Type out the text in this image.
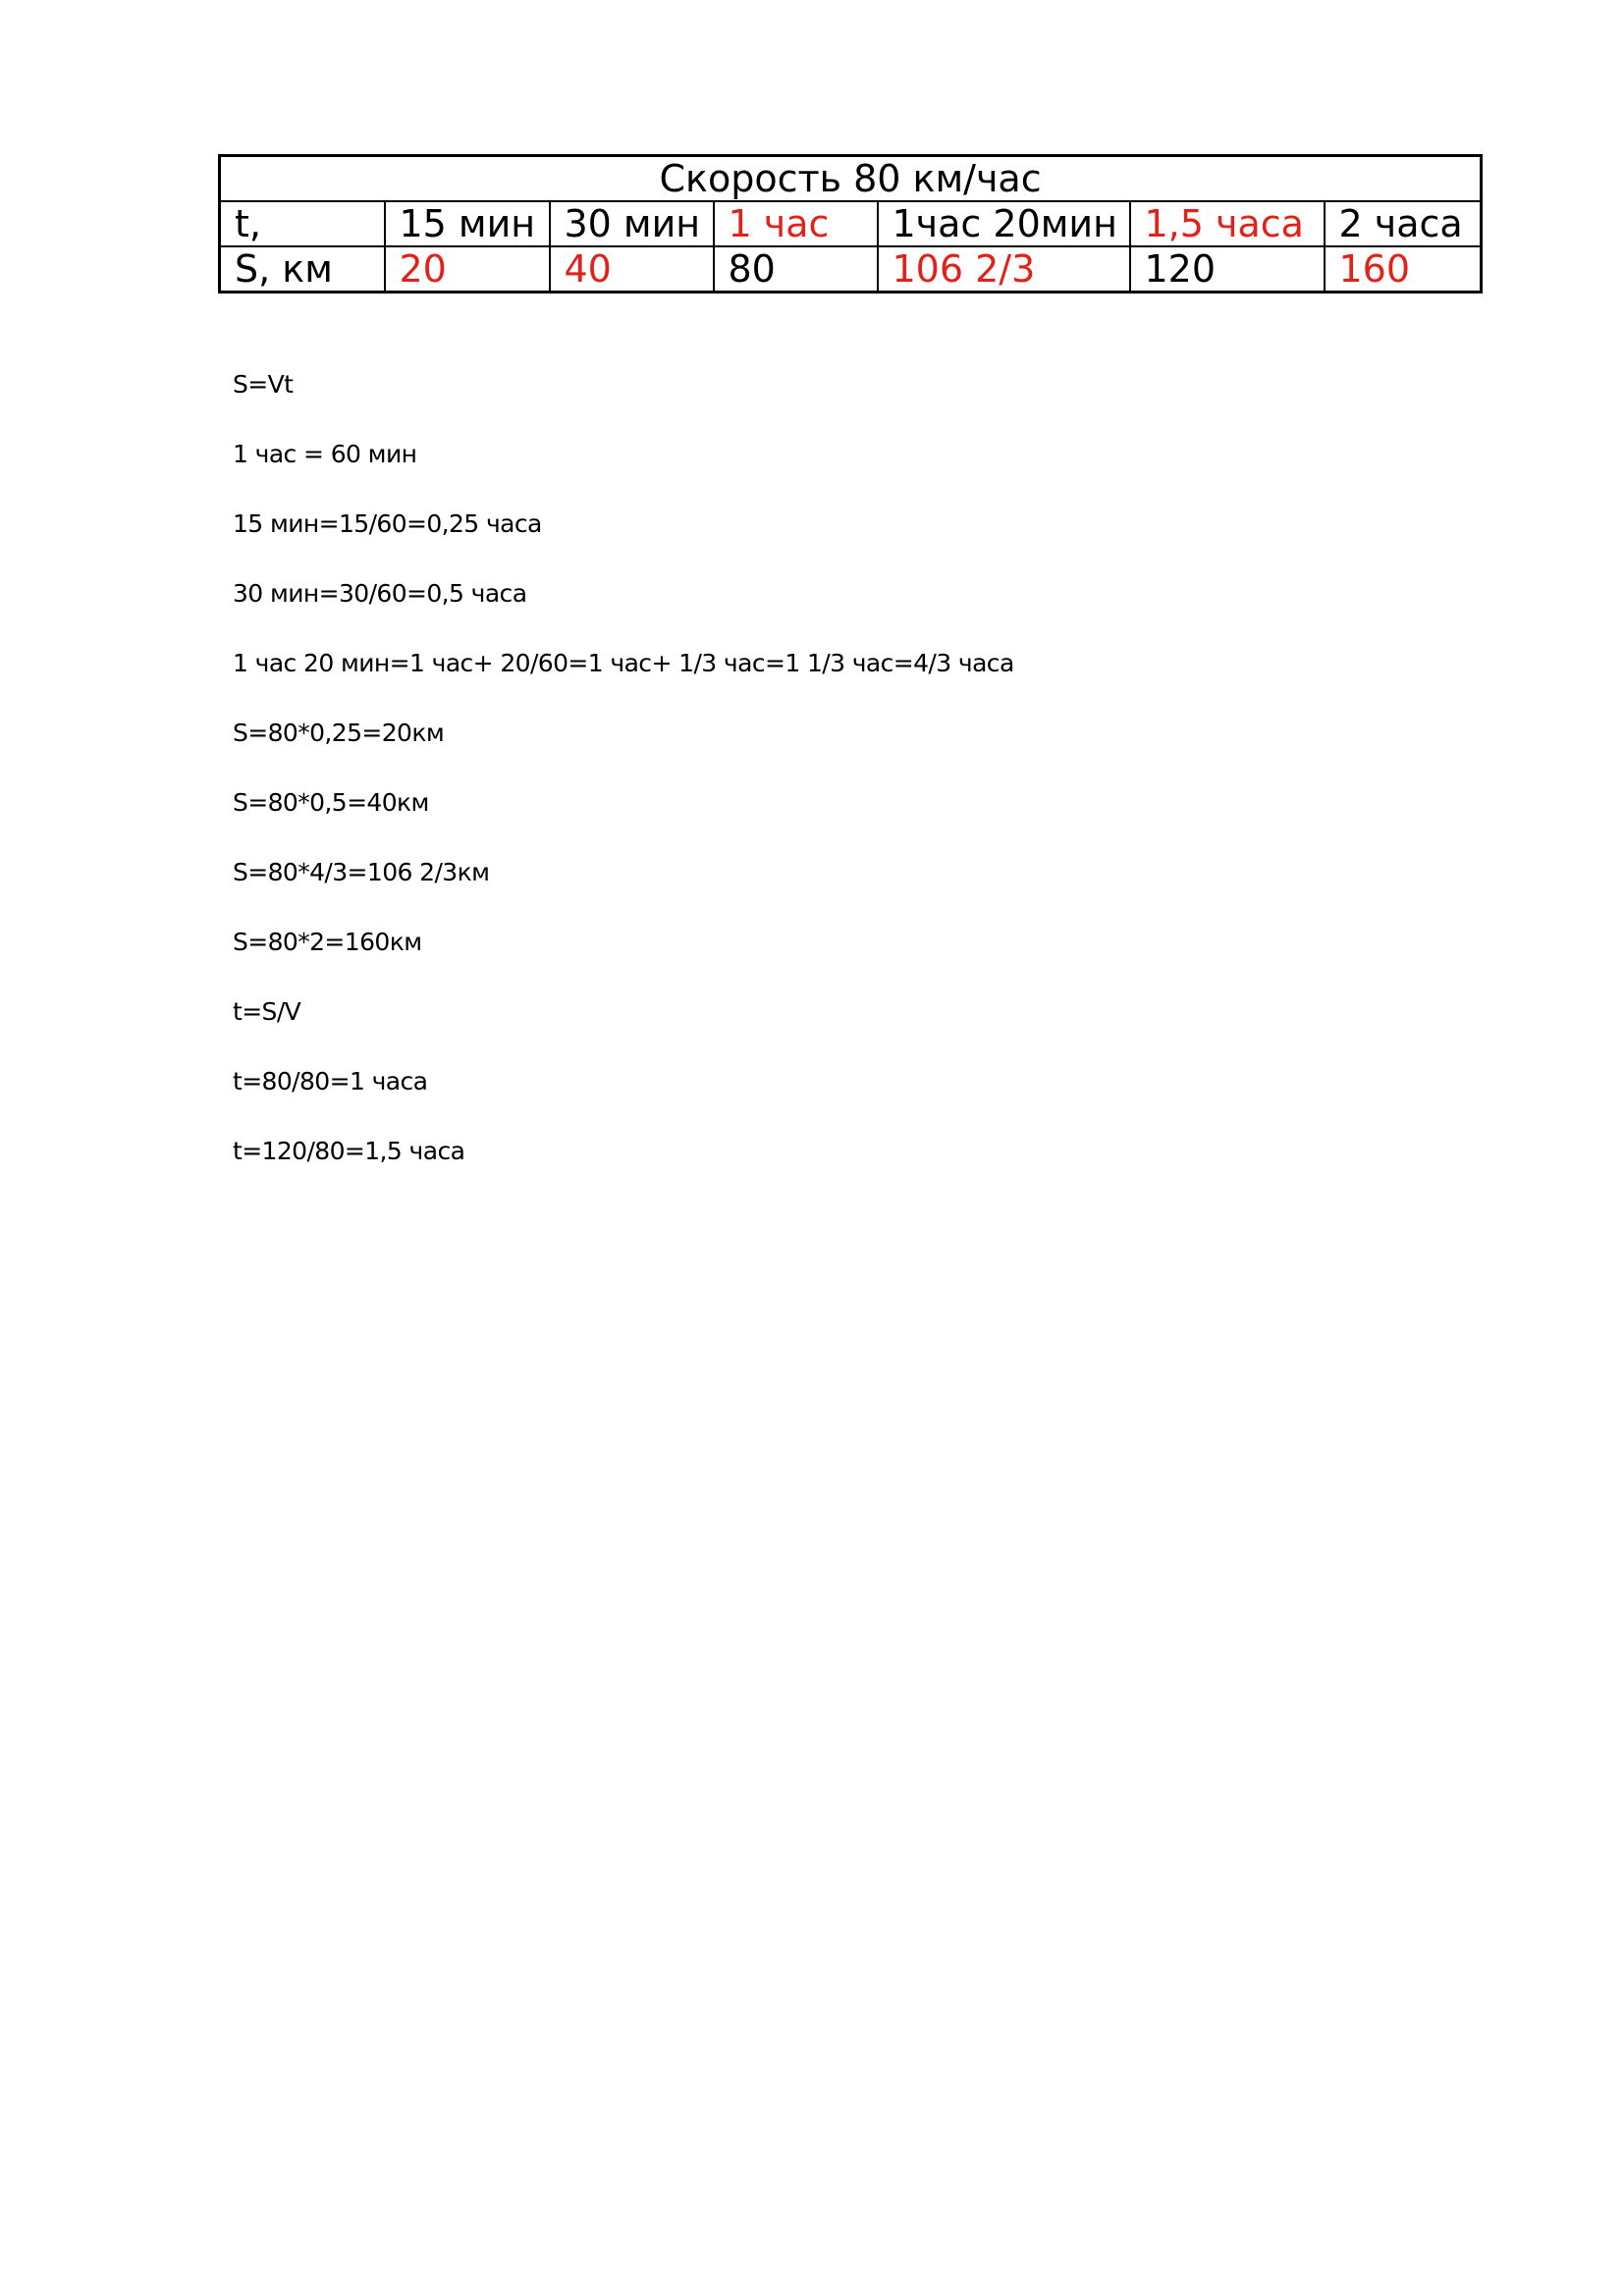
Скорость 80 км/час						
t,	15 мин	30 мин	1 час	1час 20мин	1,5 часа	2 часа
S, км	20	40	80	106 2/3	120	160
S=Vt
1 час = 60 мин
15 мин=15/60=0,25 часа
30 мин=30/60=0,5 часа
1 час 20 мин=1 час+ 20/60=1 час+ 1/3 час=1 1/3 час=4/3 часа
S=80*0,25=20км
S=80*0,5=40км
S=80*4/3=106 2/3км
S=80*2=160км
t=S/V
t=80/80=1 часа
t=120/80=1,5 часа
